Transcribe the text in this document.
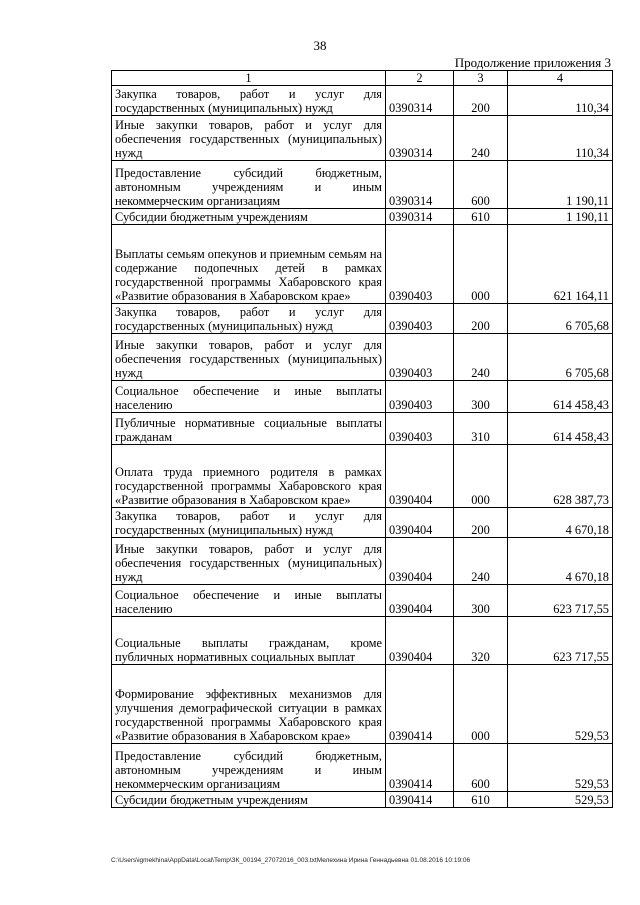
38
Продолжение приложения 3
1	2	3	4
Закупка товаров, работ и услуг для государственных (муниципальных) нужд	0390314	200	110,34
Иные закупки товаров, работ и услуг для обеспечения государственных (муниципальных) нужд	0390314	240	110,34
Предоставление субсидий бюджетным, автономным учреждениям и иным некоммерческим организациям	0390314	600	1 190,11
Субсидии бюджетным учреждениям	0390314	610	1 190,11
Выплаты семьям опекунов и приемным семьям на содержание подопечных детей в рамках государственной программы Хабаровского края «Развитие образования в Хабаровском крае»	0390403	000	621 164,11
Закупка товаров, работ и услуг для государственных (муниципальных) нужд	0390403	200	6 705,68
Иные закупки товаров, работ и услуг для обеспечения государственных (муниципальных) нужд	0390403	240	6 705,68
Социальное обеспечение и иные выплаты населению	0390403	300	614 458,43
Публичные нормативные социальные выплаты гражданам	0390403	310	614 458,43
Оплата труда приемного родителя в рамках государственной программы Хабаровского края «Развитие образования в Хабаровском крае»	0390404	000	628 387,73
Закупка товаров, работ и услуг для государственных (муниципальных) нужд	0390404	200	4 670,18
Иные закупки товаров, работ и услуг для обеспечения государственных (муниципальных) нужд	0390404	240	4 670,18
Социальное обеспечение и иные выплаты населению	0390404	300	623 717,55
Социальные выплаты гражданам, кроме публичных нормативных социальных выплат	0390404	320	623 717,55
Формирование эффективных механизмов для улучшения демографической ситуации в рамках государственной программы Хабаровского края «Развитие образования в Хабаровском крае»	0390414	000	529,53
Предоставление субсидий бюджетным, автономным учреждениям и иным некоммерческим организациям	0390414	600	529,53
Субсидии бюджетным учреждениям	0390414	610	529,53
C:\Users\igmekhina\AppData\Local\Temp\ЗК_00194_27072016_003.txtМелехина Ирина Геннадьевна 01.08.2016 10:19:06
